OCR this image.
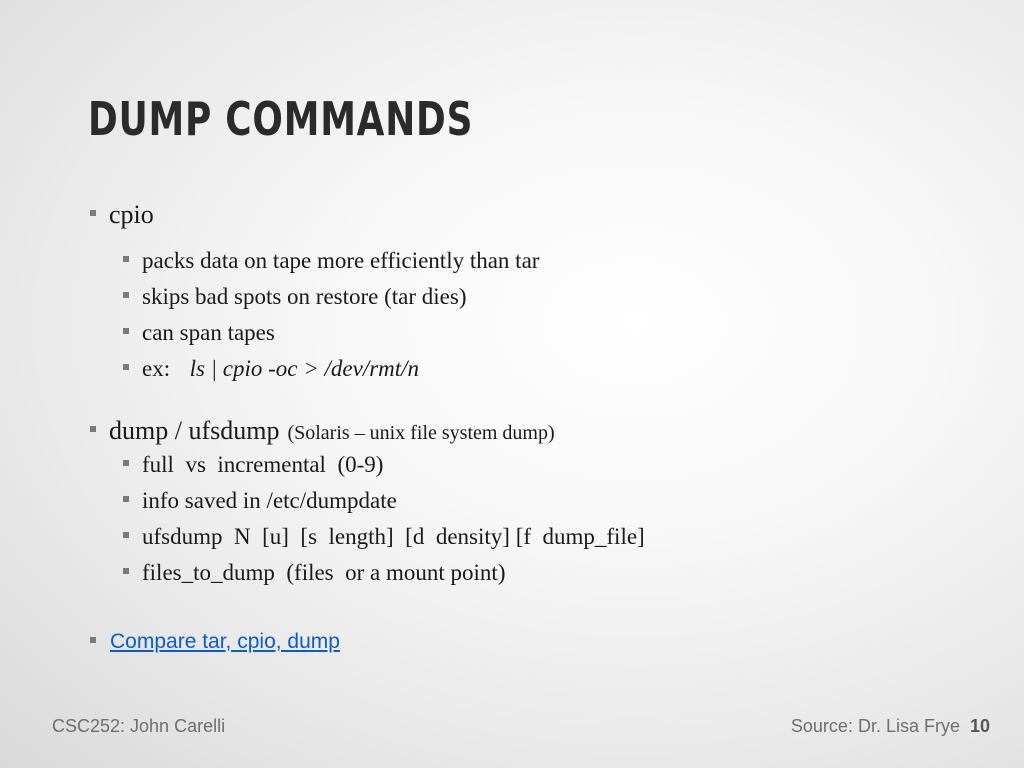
DUMP COMMANDS
cpio
packs data on tape more efficiently than tar
skips bad spots on restore (tar dies)
can span tapes
ex: ls | cpio -oc > /dev/rmt/n
dump / ufsdump (Solaris – unix file system dump)
full  vs  incremental  (0-9)
info saved in /etc/dumpdate
ufsdump  N  [u]  [s  length]  [d  density] [f  dump_file]
files_to_dump  (files  or a mount point)
Compare tar, cpio, dump
CSC252: John Carelli	Source: Dr. Lisa Frye 10
